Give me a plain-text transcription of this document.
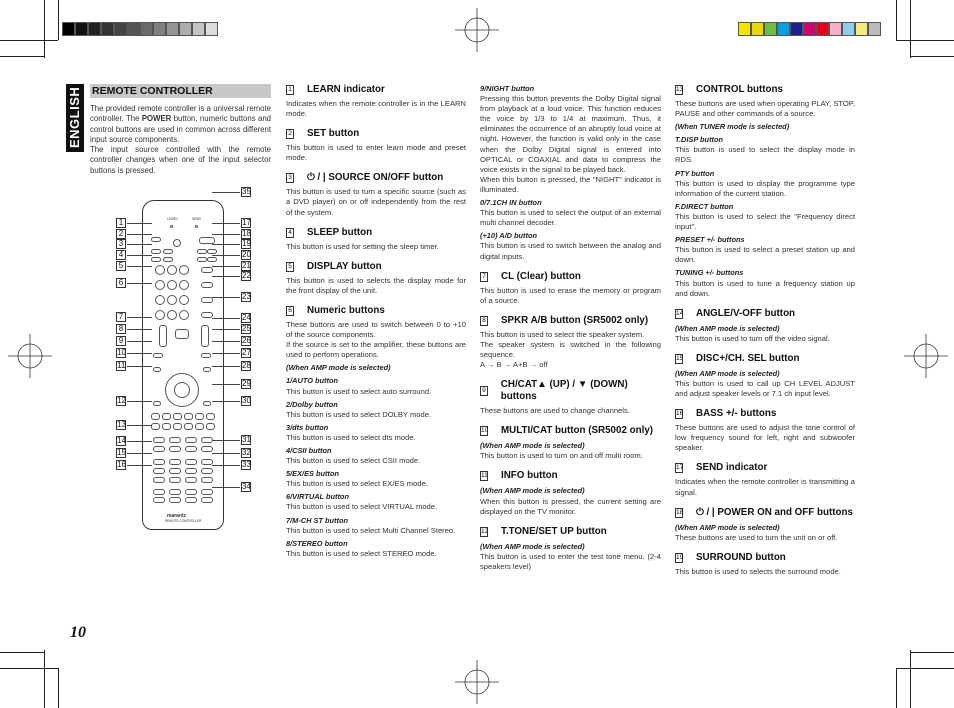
ENGLISH REMOTE CONTROLLER
The provided remote controller is a universal remote controller. The POWER button, numeric buttons and control buttons are used in common across different input source components.
The input source controlled with the remote controller changes when one of the input selector buttons is pressed.
LEARN	SEND
marantz
REMOTE CONTROLLER
1
2
3
4
5
6
7
8
9
10
11
12
13
14
15
16
35
17
18
19
20
21
22
23
24
25
26
27
28
29
30
31
32
33
34
1 LEARN indicator

Indicates when the remote controller is in the LEARN mode.

2 SET button

This button is used to enter learn mode and preset mode.

3 ⏻ / | SOURCE ON/OFF button

This button is used to turn a specific source (such as a DVD player) on or off independently from the rest of the system.

4 SLEEP button

This button is used for setting the sleep timer.

5 DISPLAY button

This button is used to selects the display mode for the front display of the unit.

6 Numeric buttons

These buttons are used to switch between 0 to +10 of the source components.
If the source is set to the amplifier, these buttons are used to perform operations.

(When AMP mode is selected)
1/AUTO button

This button is used to select auto surround.

2/Dolby button

This button is used to select DOLBY mode.

3/dts button

This button is used to select dts mode.

4/CSII button

This button is used to select CSII mode.

5/EX/ES button

This button is used to select EX/ES mode.

6/VIRTUAL button

This button is used to select VIRTUAL mode.

7/M-CH ST button

This button is used to select Multi Channel Stereo.

8/STEREO button

This button is used to select STEREO mode.

9/NIGHT button

Pressing this button prevents the Dolby Digital signal from playback at a loud voice. This function reduces the voice by 1/3 to 1/4 at maximum. Thus, it eliminates the occurrence of an abruptly loud voice at night. However, the function is valid only in the case when the Dolby Digital signal is entered into OPTICAL or COAXIAL and data to compress the voice exists in the signal to be played back.
When this button is pressed, the "NIGHT" indicator is illuminated.

0/7.1CH IN button

This button is used to select the output of an external multi channel decoder.

(+10) A/D button

This button is used to switch between the analog and digital inputs.

7 CL (Clear) button

This button is used to erase the memory or program of a source.

8 SPKR A/B button (SR5002 only)

This button is used to select the speaker system.
The speaker system is switched in the following sequence.
A → B → A+B → off

9
CH/CAT▲ (UP) / ▼ (DOWN) buttons

These buttons are used to change channels.

10 MULTI/CAT button (SR5002 only)
(When AMP mode is selected)

This button is used to turn on and off multi room.

11 INFO button
(When AMP mode is selected)

When this button is pressed, the current setting are displayed on the TV monitor.

12 T.TONE/SET UP button
(When AMP mode is selected)

This button is used to enter the test tone menu. (2-4 speakers level)

13 CONTROL buttons

These buttons are used when operating PLAY, STOP, PAUSE and other commands of a source.

(When TUNER mode is selected)
T.DISP button

This button is used to select the display mode in RDS.

PTY button

This button is used to display the programme type information of the current station.

F.DIRECT button

This button is used to select the "Frequency direct input".

PRESET +/- buttons

This button is used to select a preset station up and down.

TUNING +/- buttons

This button is used to tune a frequency station up and down.

14 ANGLE/V-OFF button
(When AMP mode is selected)

This button is used to turn off the video signal.

15 DISC+/CH. SEL button
(When AMP mode is selected)

This button is used to call up CH LEVEL ADJUST and adjust speaker levels or 7.1 ch input level.

16 BASS +/- buttons

These buttons are used to adjust the tone control of low frequency sound for left, right and subwoofer speaker.

17 SEND indicator

Indicates when the remote controller is transmitting a signal.

18 ⏻ / | POWER ON and OFF buttons
(When AMP mode is selected)

These buttons are used to turn the unit on or off.

19 SURROUND button

This button is used to selects the surround mode.

10
